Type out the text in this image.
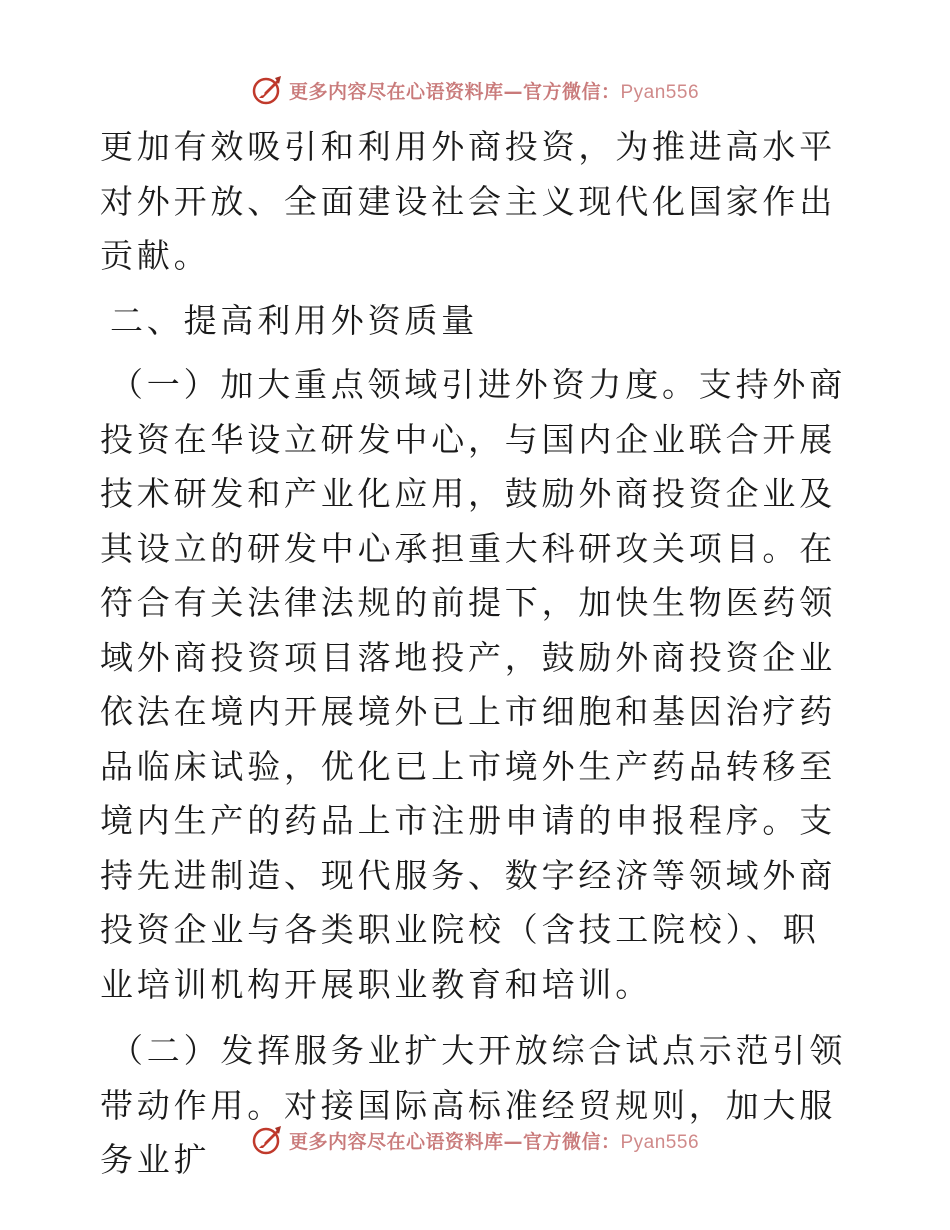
更多内容尽在心语资料库—官方微信：Pyan556

更加有效吸引和利用外商投资，为推进高水平对外开放、全面建设社会主义现代化国家作出贡献。

二、提高利用外资质量

（一）加大重点领域引进外资力度。支持外商投资在华设立研发中心，与国内企业联合开展技术研发和产业化应用，鼓励外商投资企业及其设立的研发中心承担重大科研攻关项目。在符合有关法律法规的前提下，加快生物医药领域外商投资项目落地投产，鼓励外商投资企业依法在境内开展境外已上市细胞和基因治疗药品临床试验，优化已上市境外生产药品转移至境内生产的药品上市注册申请的申报程序。支持先进制造、现代服务、数字经济等领域外商投资企业与各类职业院校（含技工院校）、职业培训机构开展职业教育和培训。

（二）发挥服务业扩大开放综合试点示范引领带动作用。对接国际高标准经贸规则，加大服务业扩	更多内容尽在心语资料库—官方微信：Pyan556
